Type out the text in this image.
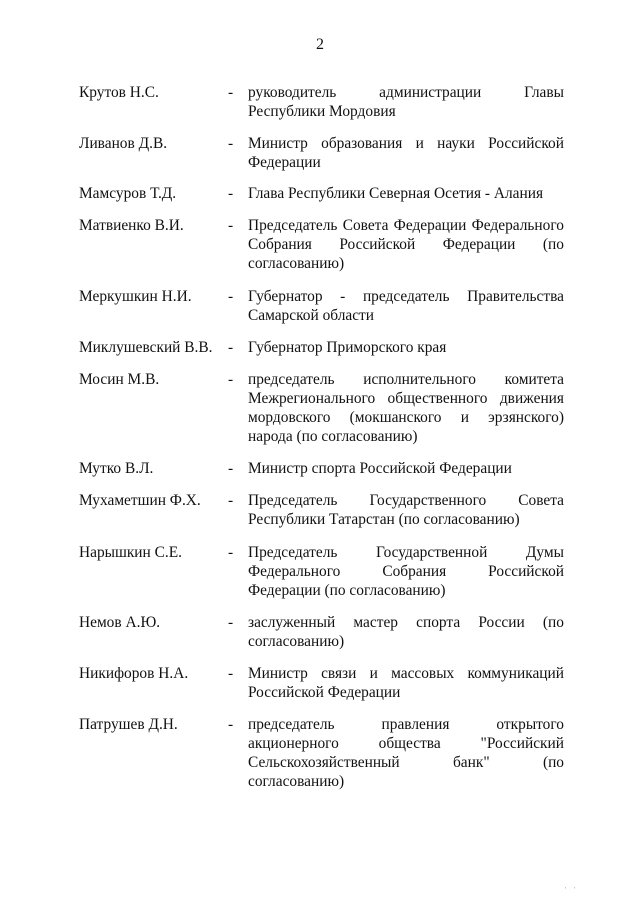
2
Крутов Н.С.	- руководитель администрации Главы Республики Мордовия
Ливанов Д.В.	- Министр образования и науки Российской Федерации
Мамсуров Т.Д.	- Глава Республики Северная Осетия - Алания
Матвиенко В.И.	- Председатель Совета Федерации Федерального Собрания Российской Федерации (по согласованию)
Меркушкин Н.И. - Губернатор - председатель Правительства Самарской области
Миклушевский В.В. - Губернатор Приморского края
Мосин М.В.	- председатель исполнительного комитета Межрегионального общественного движения мордовского (мокшанского и эрзянского) народа (по согласованию)
Мутко В.Л.	- Министр спорта Российской Федерации
Мухаметшин Ф.Х. - Председатель Государственного Совета Республики Татарстан (по согласованию)
Нарышкин С.Е.	- Председатель Государственной Думы Федерального Собрания Российской Федерации (по согласованию)
Немов А.Ю.	- заслуженный мастер спорта России (по согласованию)
Никифоров Н.А.	- Министр связи и массовых коммуникаций Российской Федерации
Патрушев Д.Н.	- председатель правления открытого акционерного общества "Российский Сельскохозяйственный банк" (по согласованию)
' '
